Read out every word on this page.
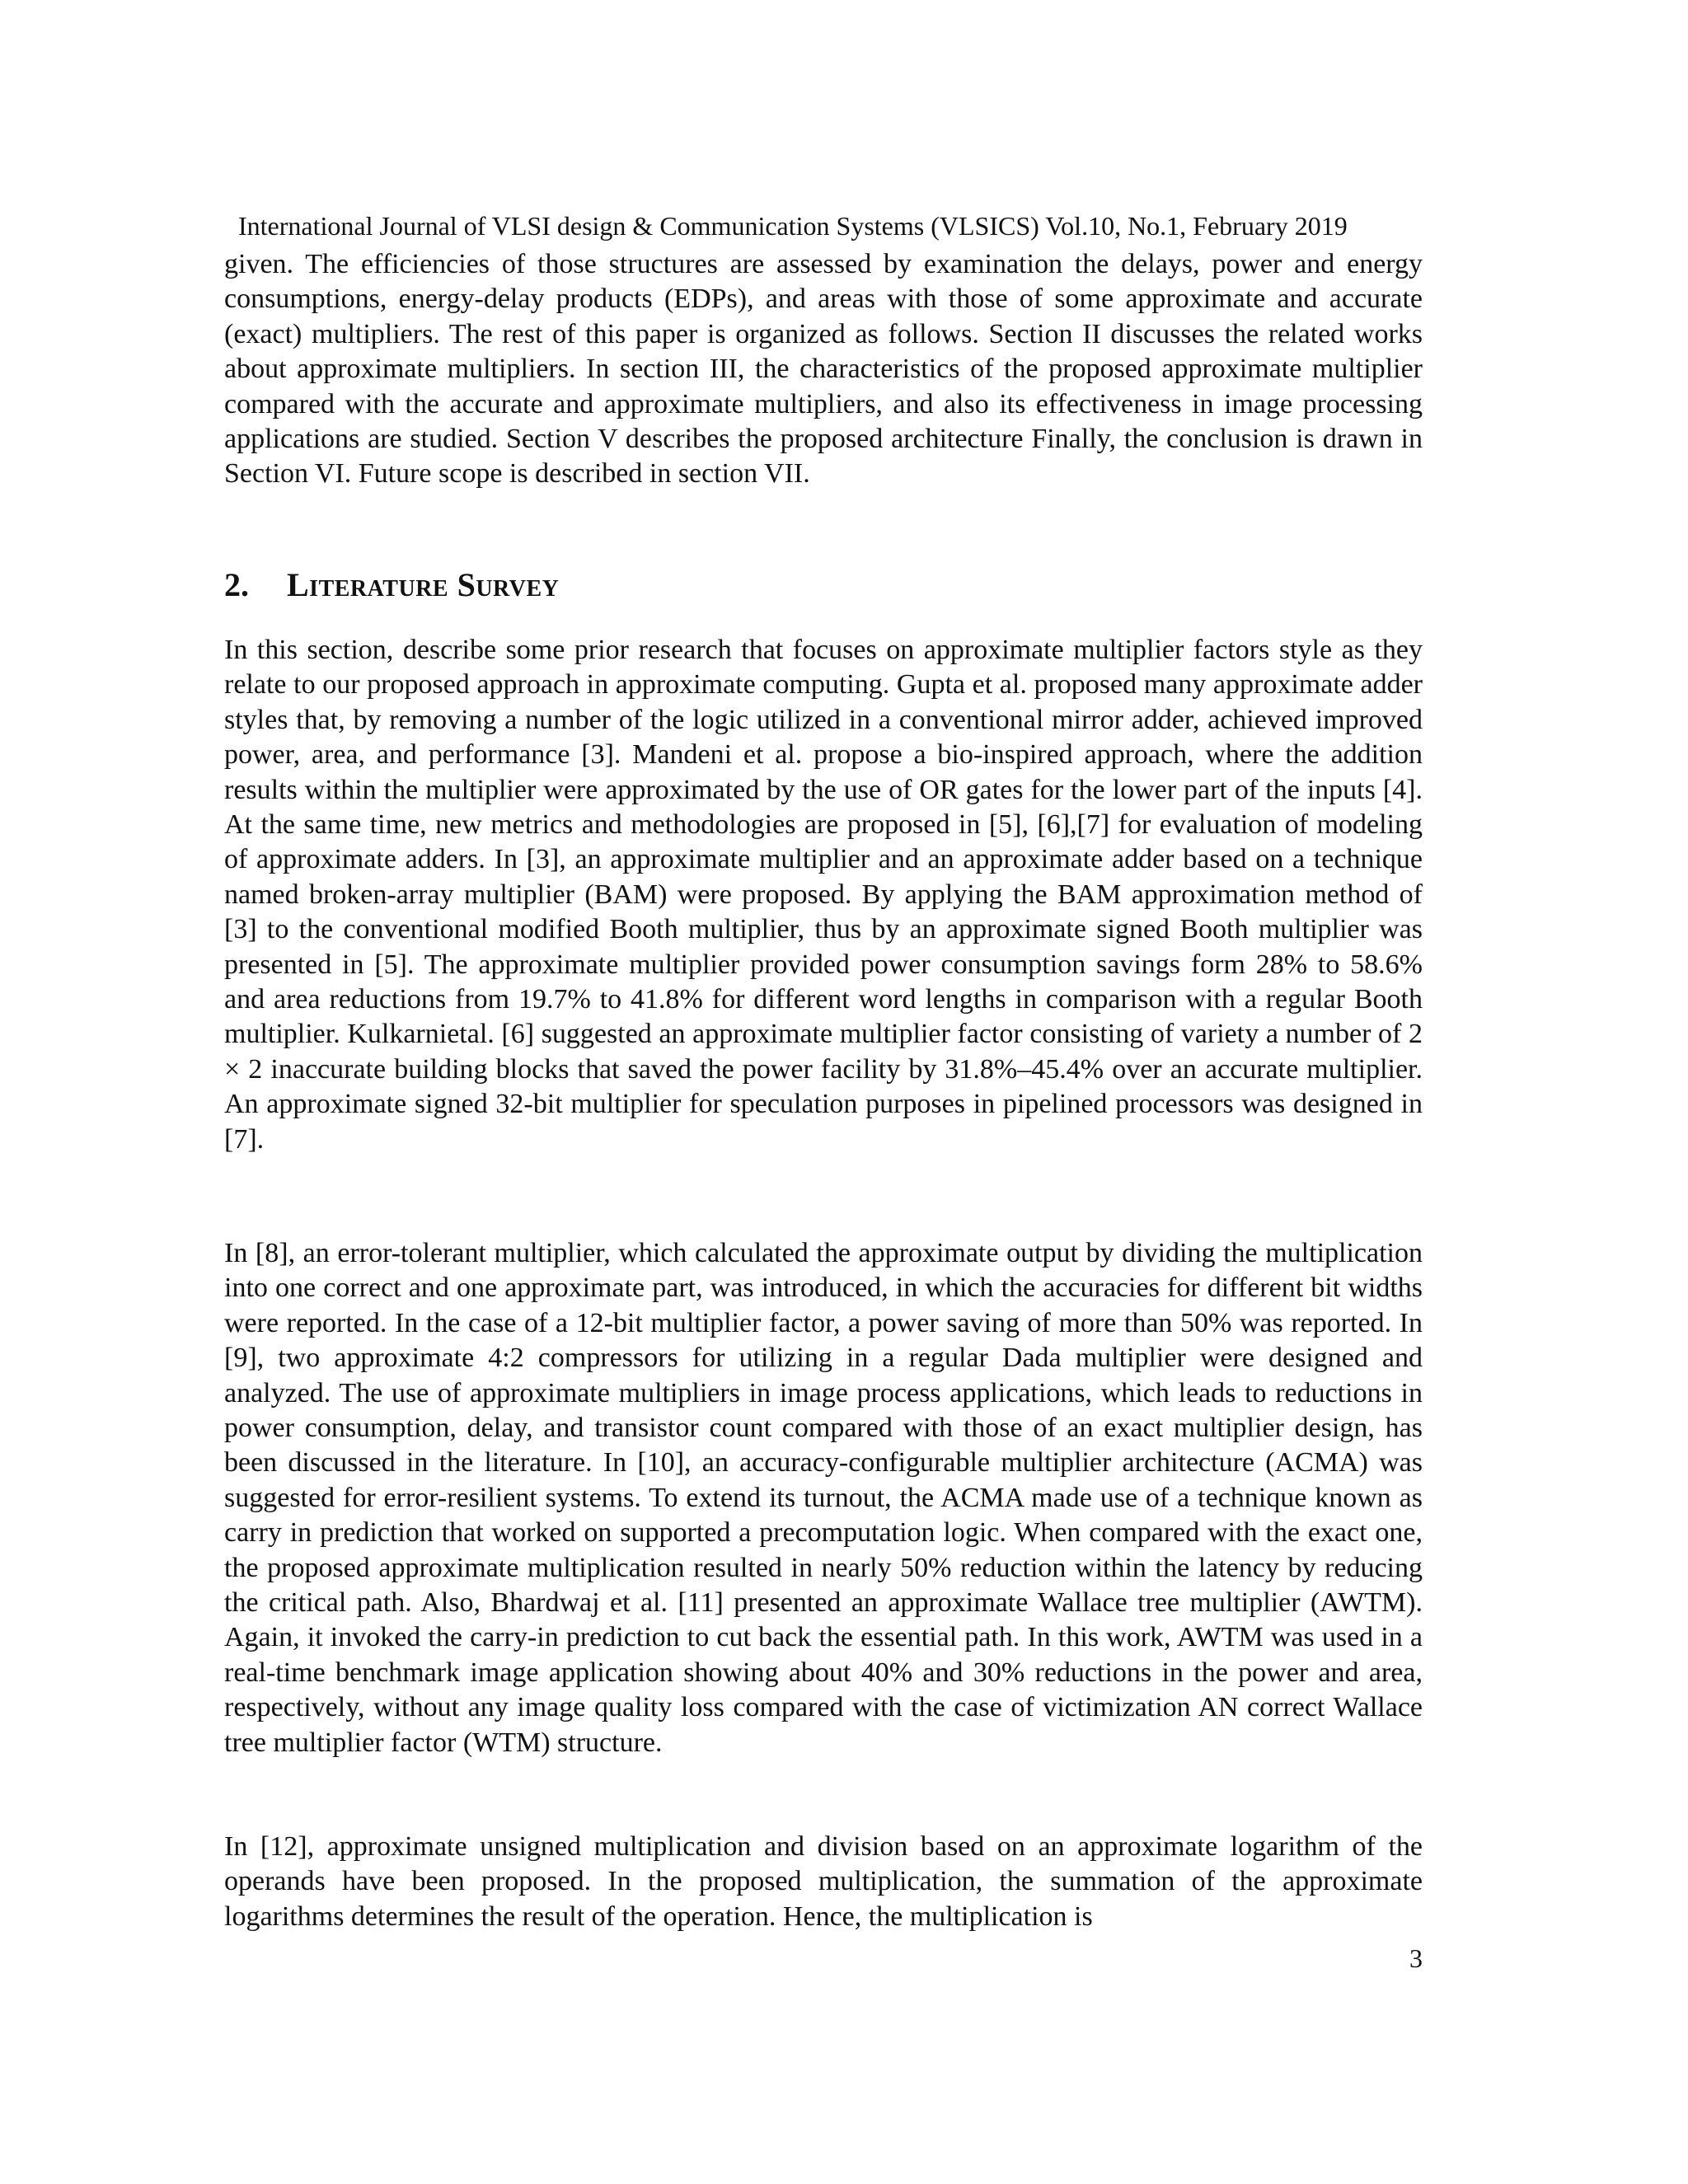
International Journal of VLSI design & Communication Systems (VLSICS) Vol.10, No.1, February 2019

given. The efficiencies of those structures are assessed by examination the delays, power and energy consumptions, energy-delay products (EDPs), and areas with those of some approximate and accurate (exact) multipliers. The rest of this paper is organized as follows. Section II discusses the related works about approximate multipliers. In section III, the characteristics of the proposed approximate multiplier compared with the accurate and approximate multipliers, and also its effectiveness in image processing applications are studied. Section V describes the proposed architecture Finally, the conclusion is drawn in Section VI. Future scope is described in section VII.

2. Literature Survey

In this section, describe some prior research that focuses on approximate multiplier factors style as they relate to our proposed approach in approximate computing. Gupta et al. proposed many approximate adder styles that, by removing a number of the logic utilized in a conventional mirror adder, achieved improved power, area, and performance [3]. Mandeni et al. propose a bio-inspired approach, where the addition results within the multiplier were approximated by the use of OR gates for the lower part of the inputs [4]. At the same time, new metrics and methodologies are proposed in [5], [6],[7] for evaluation of modeling of approximate adders. In [3], an approximate multiplier and an approximate adder based on a technique named broken-array multiplier (BAM) were proposed. By applying the BAM approximation method of [3] to the conventional modified Booth multiplier, thus by an approximate signed Booth multiplier was presented in [5]. The approximate multiplier provided power consumption savings form 28% to 58.6% and area reductions from 19.7% to 41.8% for different word lengths in comparison with a regular Booth multiplier. Kulkarnietal. [6] suggested an approximate multiplier factor consisting of variety a number of 2 × 2 inaccurate building blocks that saved the power facility by 31.8%–45.4% over an accurate multiplier. An approximate signed 32-bit multiplier for speculation purposes in pipelined processors was designed in [7].

In [8], an error-tolerant multiplier, which calculated the approximate output by dividing the multiplication into one correct and one approximate part, was introduced, in which the accuracies for different bit widths were reported. In the case of a 12-bit multiplier factor, a power saving of more than 50% was reported. In [9], two approximate 4:2 compressors for utilizing in a regular Dada multiplier were designed and analyzed. The use of approximate multipliers in image process applications, which leads to reductions in power consumption, delay, and transistor count compared with those of an exact multiplier design, has been discussed in the literature. In [10], an accuracy-configurable multiplier architecture (ACMA) was suggested for error-resilient systems. To extend its turnout, the ACMA made use of a technique known as carry in prediction that worked on supported a precomputation logic. When compared with the exact one, the proposed approximate multiplication resulted in nearly 50% reduction within the latency by reducing the critical path. Also, Bhardwaj et al. [11] presented an approximate Wallace tree multiplier (AWTM). Again, it invoked the carry-in prediction to cut back the essential path. In this work, AWTM was used in a real-time benchmark image application showing about 40% and 30% reductions in the power and area, respectively, without any image quality loss compared with the case of victimization AN correct Wallace tree multiplier factor (WTM) structure.

In [12], approximate unsigned multiplication and division based on an approximate logarithm of the operands have been proposed. In the proposed multiplication, the summation of the approximate logarithms determines the result of the operation. Hence, the multiplication is

3
